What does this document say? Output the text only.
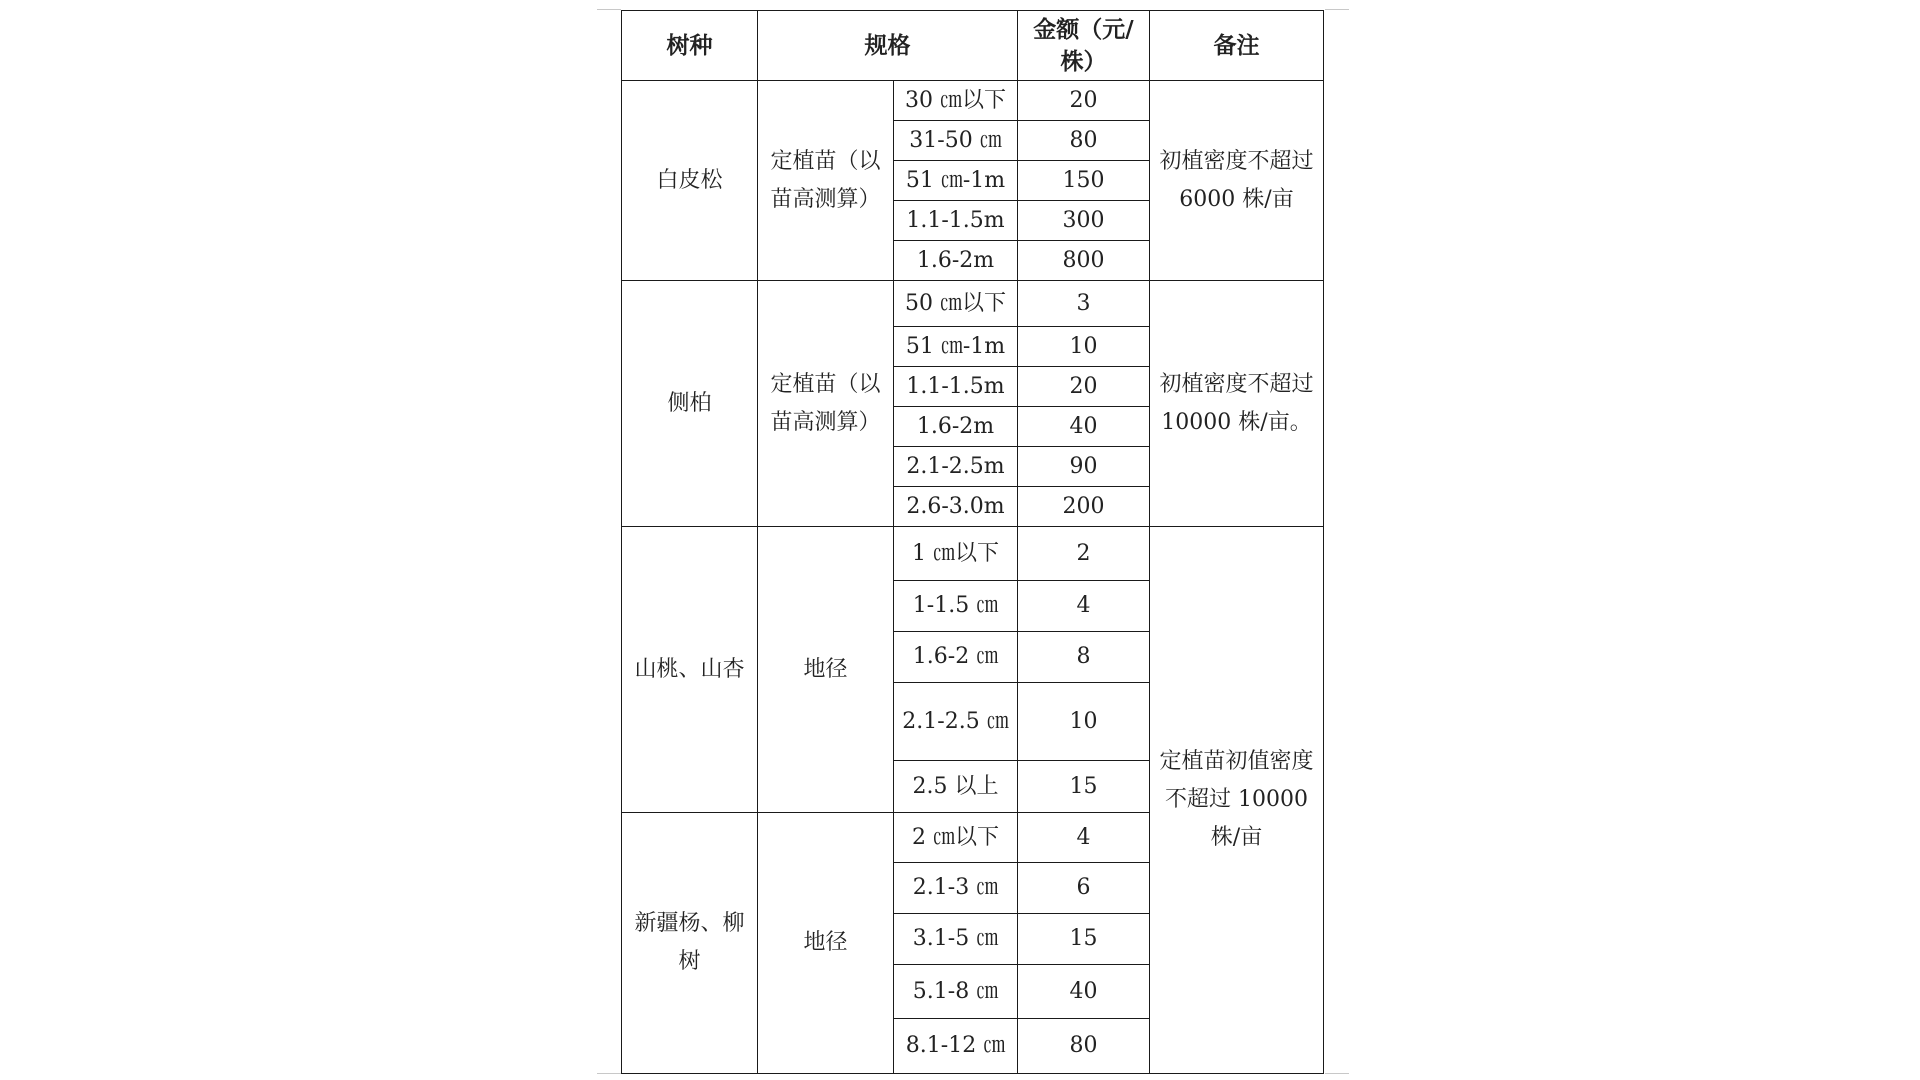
树种	规格		金额（元/株）	备注
白皮松	定植苗（以苗高测算）	30 ㎝以下	20	初植密度不超过 6000 株/亩
		31-50 ㎝	80	
		51 ㎝-1m	150	
		1.1-1.5m	300	
		1.6-2m	800	
侧柏	定植苗（以苗高测算）	50 ㎝以下	3	初植密度不超过 10000 株/亩。
		51 ㎝-1m	10	
		1.1-1.5m	20	
		1.6-2m	40	
		2.1-2.5m	90	
		2.6-3.0m	200	
山桃、山杏	地径	1 ㎝以下	2	定植苗初值密度不超过 10000 株/亩
		1-1.5 ㎝	4	
		1.6-2 ㎝	8	
		2.1-2.5 ㎝	10	
		2.5 以上	15	
新疆杨、柳树	地径	2 ㎝以下	4	
		2.1-3 ㎝	6	
		3.1-5 ㎝	15	
		5.1-8 ㎝	40	
		8.1-12 ㎝	80	
